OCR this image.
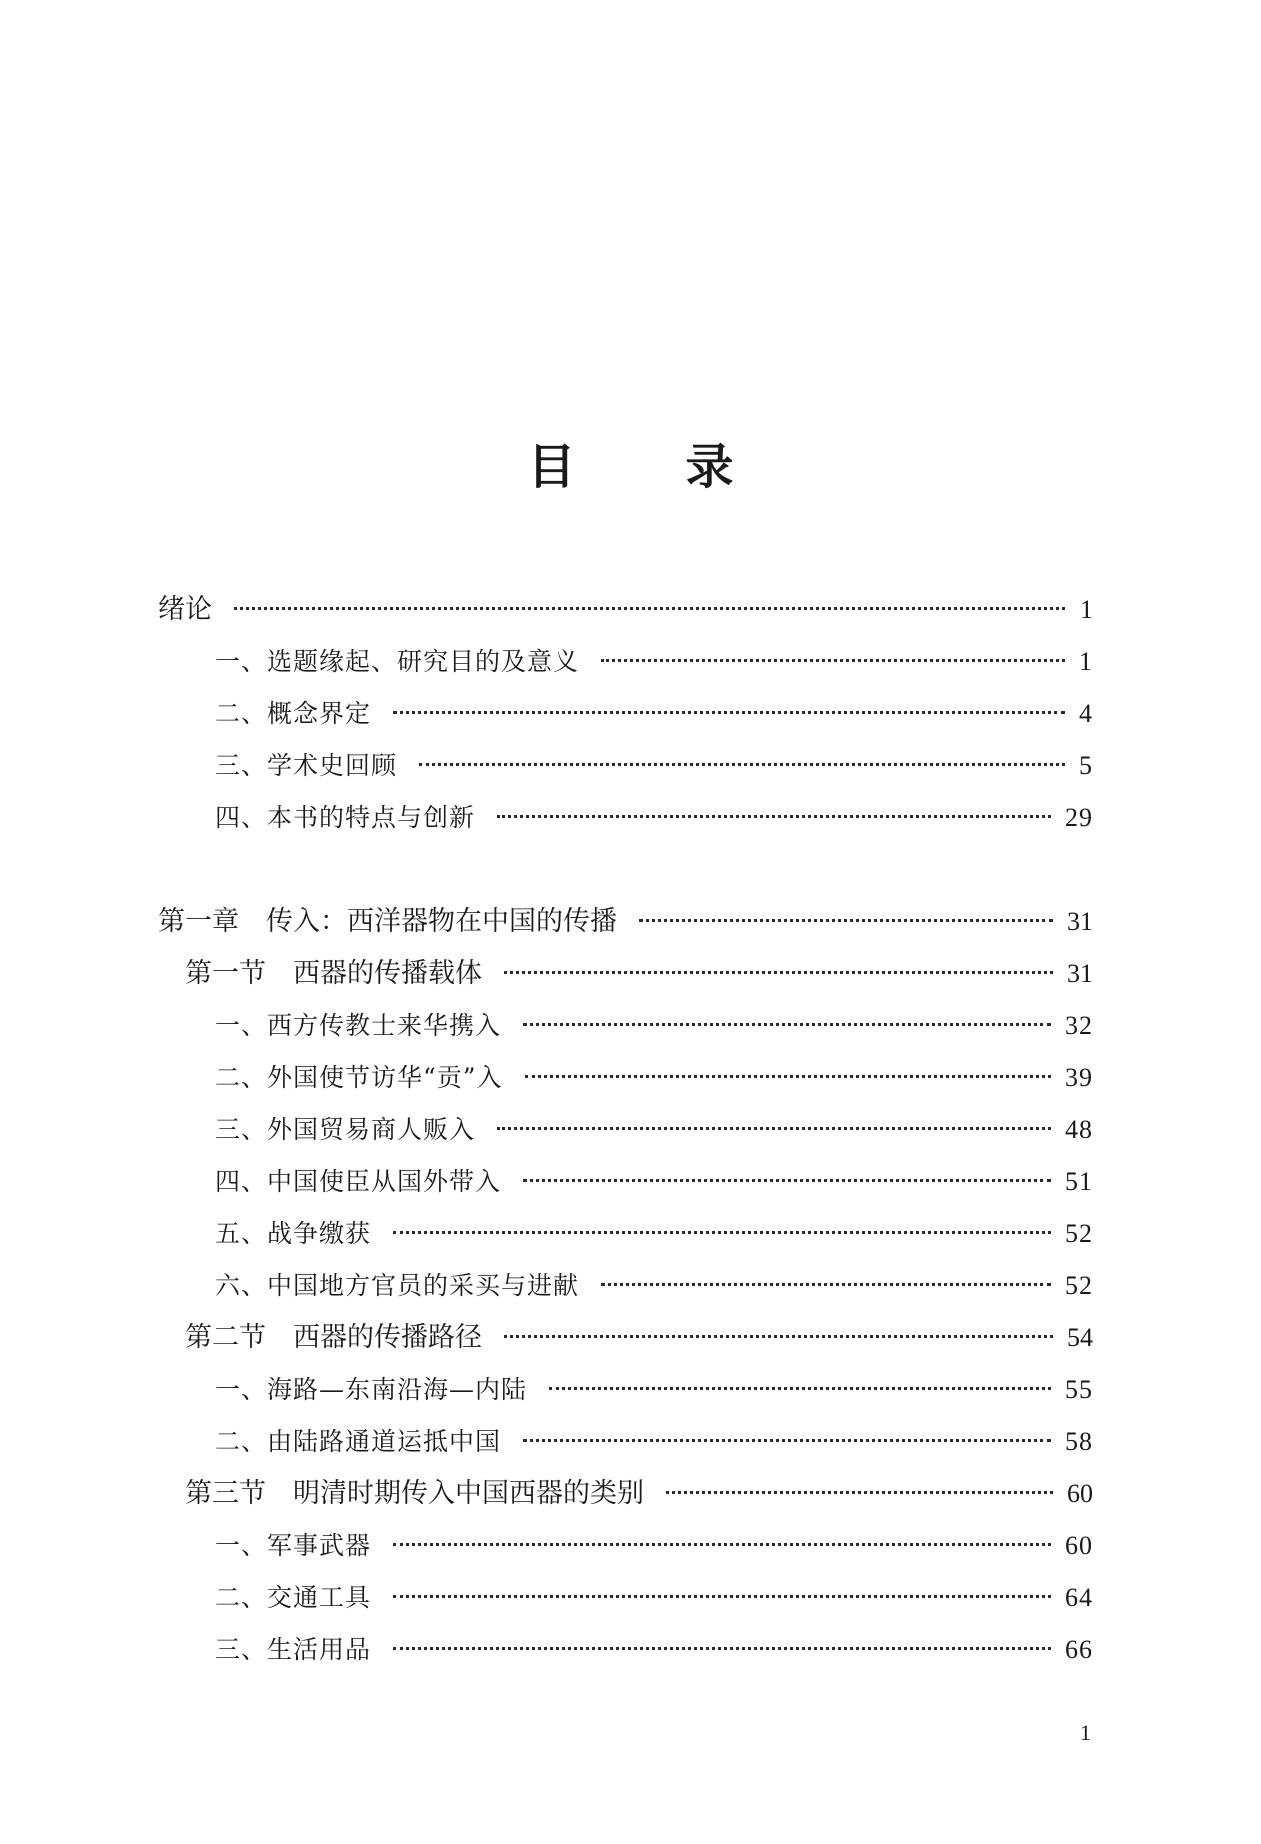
目 录
绪论	1
一、选题缘起、研究目的及意义	1
二、概念界定	4
三、学术史回顾	5
四、本书的特点与创新	29
第一章　传入：西洋器物在中国的传播	31
第一节　西器的传播载体	31
一、西方传教士来华携入	32
二、外国使节访华“贡”入	39
三、外国贸易商人贩入	48
四、中国使臣从国外带入	51
五、战争缴获	52
六、中国地方官员的采买与进献	52
第二节　西器的传播路径	54
一、海路—东南沿海—内陆	55
二、由陆路通道运抵中国	58
第三节　明清时期传入中国西器的类别	60
一、军事武器	60
二、交通工具	64
三、生活用品	66
1
